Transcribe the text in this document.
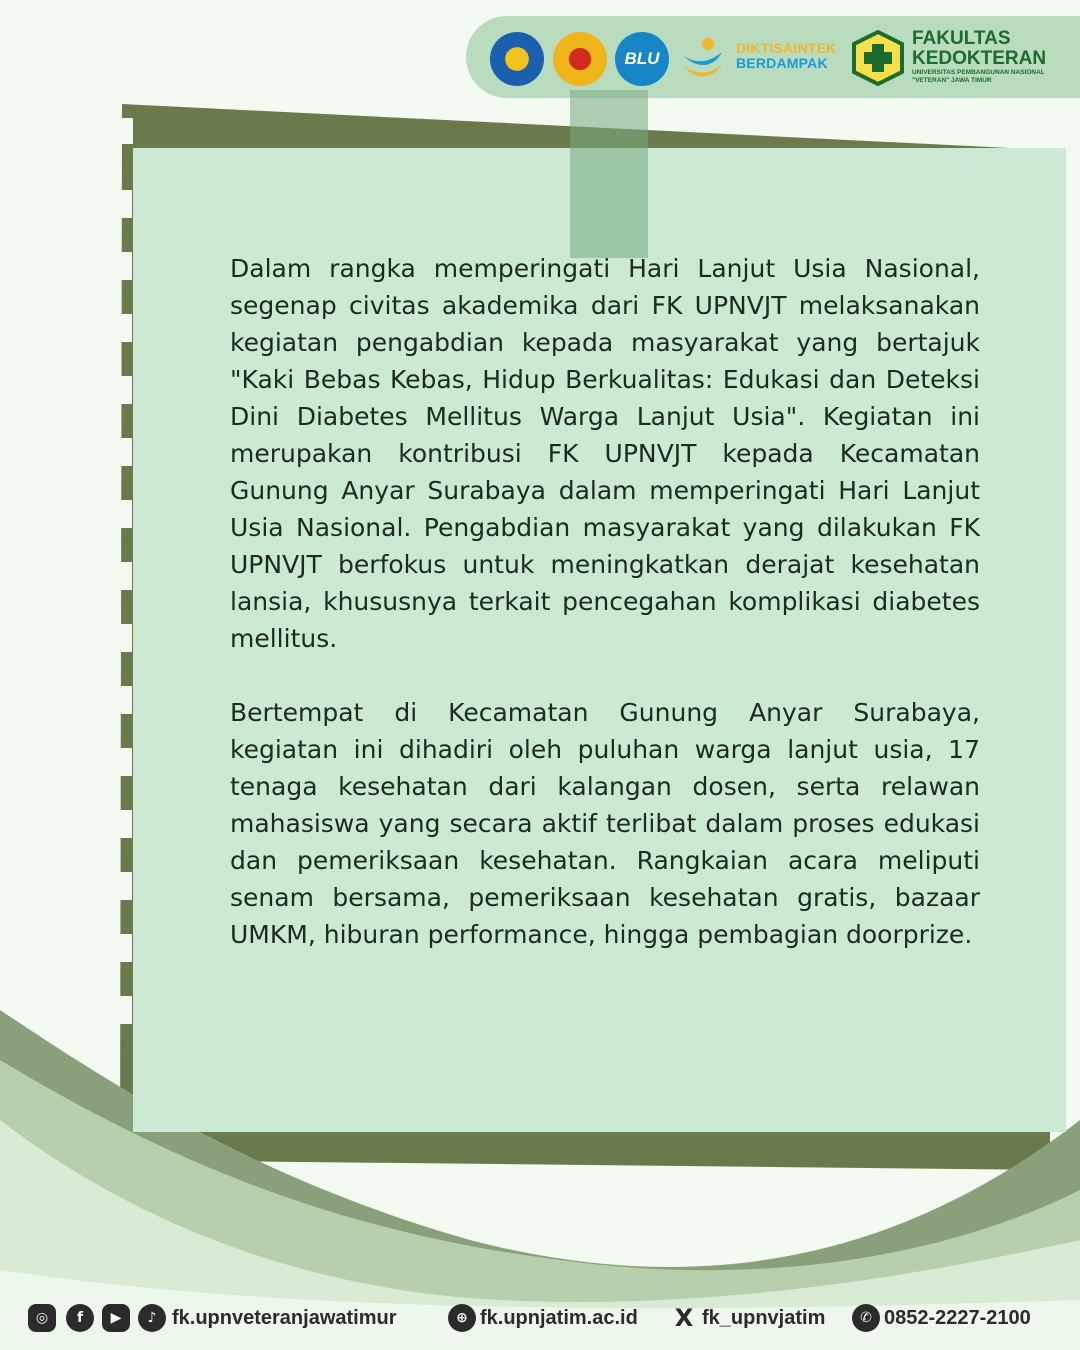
BLU
DIKTISAINTEK
BERDAMPAK
FAKULTAS
KEDOKTERAN
UNIVERSITAS PEMBANGUNAN NASIONAL
"VETERAN" JAWA TIMUR

Dalam rangka memperingati Hari Lanjut Usia Nasional, segenap civitas akademika dari FK UPNVJT melaksanakan kegiatan pengabdian kepada masyarakat yang bertajuk "Kaki Bebas Kebas, Hidup Berkualitas: Edukasi dan Deteksi Dini Diabetes Mellitus Warga Lanjut Usia". Kegiatan ini merupakan kontribusi FK UPNVJT kepada Kecamatan Gunung Anyar Surabaya dalam memperingati Hari Lanjut Usia Nasional. Pengabdian masyarakat yang dilakukan FK UPNVJT berfokus untuk meningkatkan derajat kesehatan lansia, khususnya terkait pencegahan komplikasi diabetes mellitus.

Bertempat di Kecamatan Gunung Anyar Surabaya, kegiatan ini dihadiri oleh puluhan warga lanjut usia, 17 tenaga kesehatan dari kalangan dosen, serta relawan mahasiswa yang secara aktif terlibat dalam proses edukasi dan pemeriksaan kesehatan. Rangkaian acara meliputi senam bersama, pemeriksaan kesehatan gratis, bazaar UMKM, hiburan performance, hingga pembagian doorprize.

◎	f	▶	♪ fk.upnveteranjawatimur	⊕ fk.upnjatim.ac.id X fk_upnvjatim	✆ 0852-2227-2100
